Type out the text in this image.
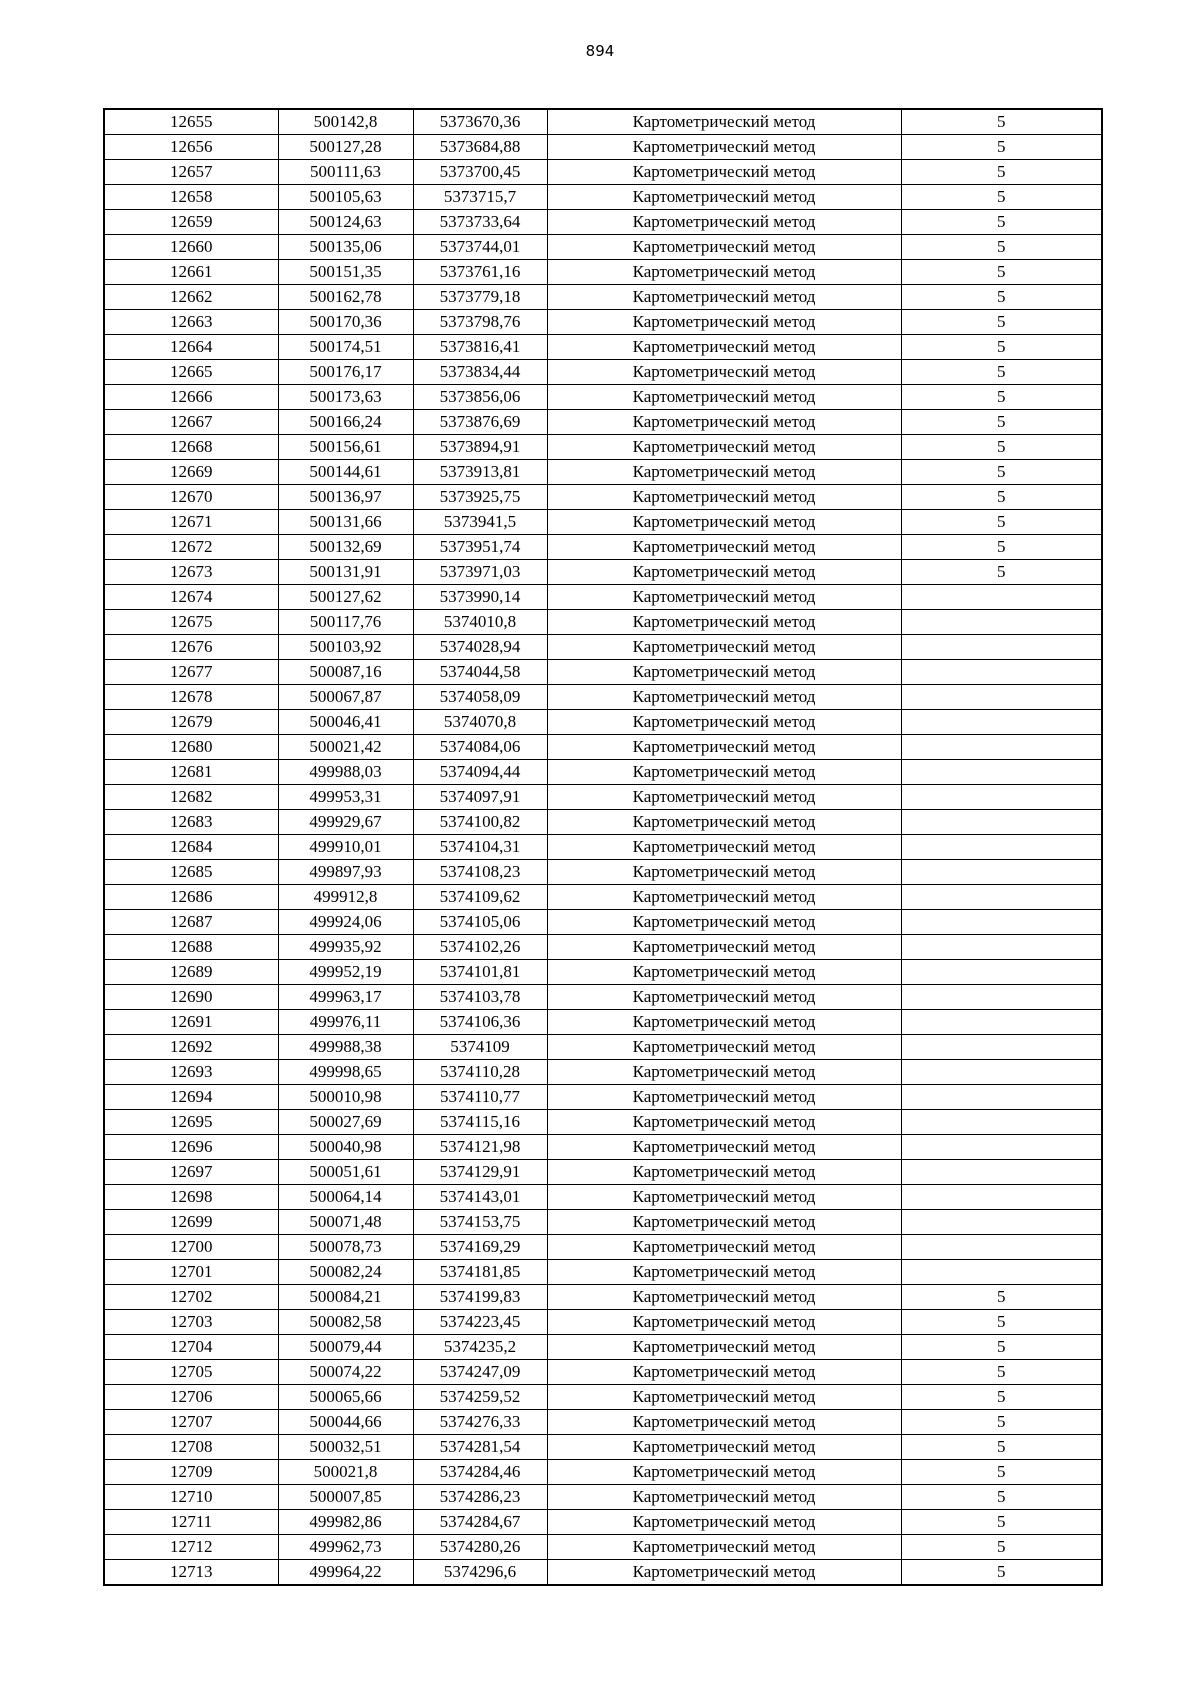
894
12655	500142,8	5373670,36	Картометрический метод	5
12656	500127,28	5373684,88	Картометрический метод	5
12657	500111,63	5373700,45	Картометрический метод	5
12658	500105,63	5373715,7	Картометрический метод	5
12659	500124,63	5373733,64	Картометрический метод	5
12660	500135,06	5373744,01	Картометрический метод	5
12661	500151,35	5373761,16	Картометрический метод	5
12662	500162,78	5373779,18	Картометрический метод	5
12663	500170,36	5373798,76	Картометрический метод	5
12664	500174,51	5373816,41	Картометрический метод	5
12665	500176,17	5373834,44	Картометрический метод	5
12666	500173,63	5373856,06	Картометрический метод	5
12667	500166,24	5373876,69	Картометрический метод	5
12668	500156,61	5373894,91	Картометрический метод	5
12669	500144,61	5373913,81	Картометрический метод	5
12670	500136,97	5373925,75	Картометрический метод	5
12671	500131,66	5373941,5	Картометрический метод	5
12672	500132,69	5373951,74	Картометрический метод	5
12673	500131,91	5373971,03	Картометрический метод	5
12674	500127,62	5373990,14	Картометрический метод	
12675	500117,76	5374010,8	Картометрический метод	
12676	500103,92	5374028,94	Картометрический метод	
12677	500087,16	5374044,58	Картометрический метод	
12678	500067,87	5374058,09	Картометрический метод	
12679	500046,41	5374070,8	Картометрический метод	
12680	500021,42	5374084,06	Картометрический метод	
12681	499988,03	5374094,44	Картометрический метод	
12682	499953,31	5374097,91	Картометрический метод	
12683	499929,67	5374100,82	Картометрический метод	
12684	499910,01	5374104,31	Картометрический метод	
12685	499897,93	5374108,23	Картометрический метод	
12686	499912,8	5374109,62	Картометрический метод	
12687	499924,06	5374105,06	Картометрический метод	
12688	499935,92	5374102,26	Картометрический метод	
12689	499952,19	5374101,81	Картометрический метод	
12690	499963,17	5374103,78	Картометрический метод	
12691	499976,11	5374106,36	Картометрический метод	
12692	499988,38	5374109	Картометрический метод	
12693	499998,65	5374110,28	Картометрический метод	
12694	500010,98	5374110,77	Картометрический метод	
12695	500027,69	5374115,16	Картометрический метод	
12696	500040,98	5374121,98	Картометрический метод	
12697	500051,61	5374129,91	Картометрический метод	
12698	500064,14	5374143,01	Картометрический метод	
12699	500071,48	5374153,75	Картометрический метод	
12700	500078,73	5374169,29	Картометрический метод	
12701	500082,24	5374181,85	Картометрический метод	
12702	500084,21	5374199,83	Картометрический метод	5
12703	500082,58	5374223,45	Картометрический метод	5
12704	500079,44	5374235,2	Картометрический метод	5
12705	500074,22	5374247,09	Картометрический метод	5
12706	500065,66	5374259,52	Картометрический метод	5
12707	500044,66	5374276,33	Картометрический метод	5
12708	500032,51	5374281,54	Картометрический метод	5
12709	500021,8	5374284,46	Картометрический метод	5
12710	500007,85	5374286,23	Картометрический метод	5
12711	499982,86	5374284,67	Картометрический метод	5
12712	499962,73	5374280,26	Картометрический метод	5
12713	499964,22	5374296,6	Картометрический метод	5
